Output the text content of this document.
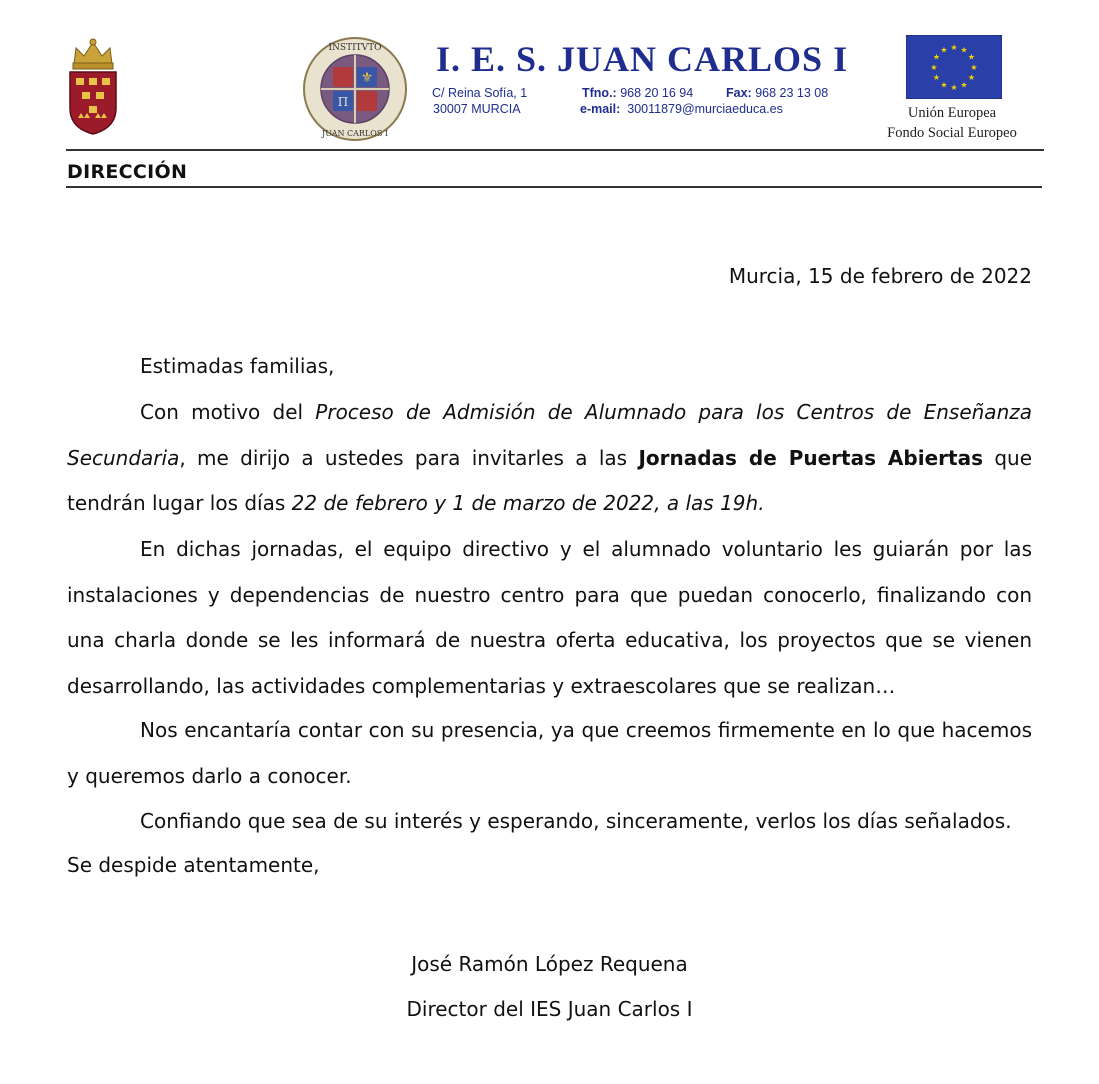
⚜
Π
INSTITVTO
JUAN CARLOS I
I. E. S. JUAN CARLOS I
C/ Reina Sofía, 1
30007 MURCIA
Tfno.: 968 20 16 94	Fax: 968 23 13 08
e-mail: 30011879@murciaeduca.es
★ ★
★
★
★
★
★
★
★
★
★
★
Unión Europea
Fondo Social Europeo
DIRECCIÓN
Murcia, 15 de febrero de 2022
Estimadas familias,
Con motivo del Proceso de Admisión de Alumnado para los Centros de Enseñanza Secundaria, me dirijo a ustedes para invitarles a las Jornadas de Puertas Abiertas que tendrán lugar los días 22 de febrero y 1 de marzo de 2022, a las 19h.
En dichas jornadas, el equipo directivo y el alumnado voluntario les guiarán por las instalaciones y dependencias de nuestro centro para que puedan conocerlo, finalizando con una charla donde se les informará de nuestra oferta educativa, los proyectos que se vienen desarrollando, las actividades complementarias y extraescolares que se realizan…
Nos encantaría contar con su presencia, ya que creemos firmemente en lo que hacemos y queremos darlo a conocer.
Confiando que sea de su interés y esperando, sinceramente, verlos los días señalados.
Se despide atentamente,
José Ramón López Requena
Director del IES Juan Carlos I
